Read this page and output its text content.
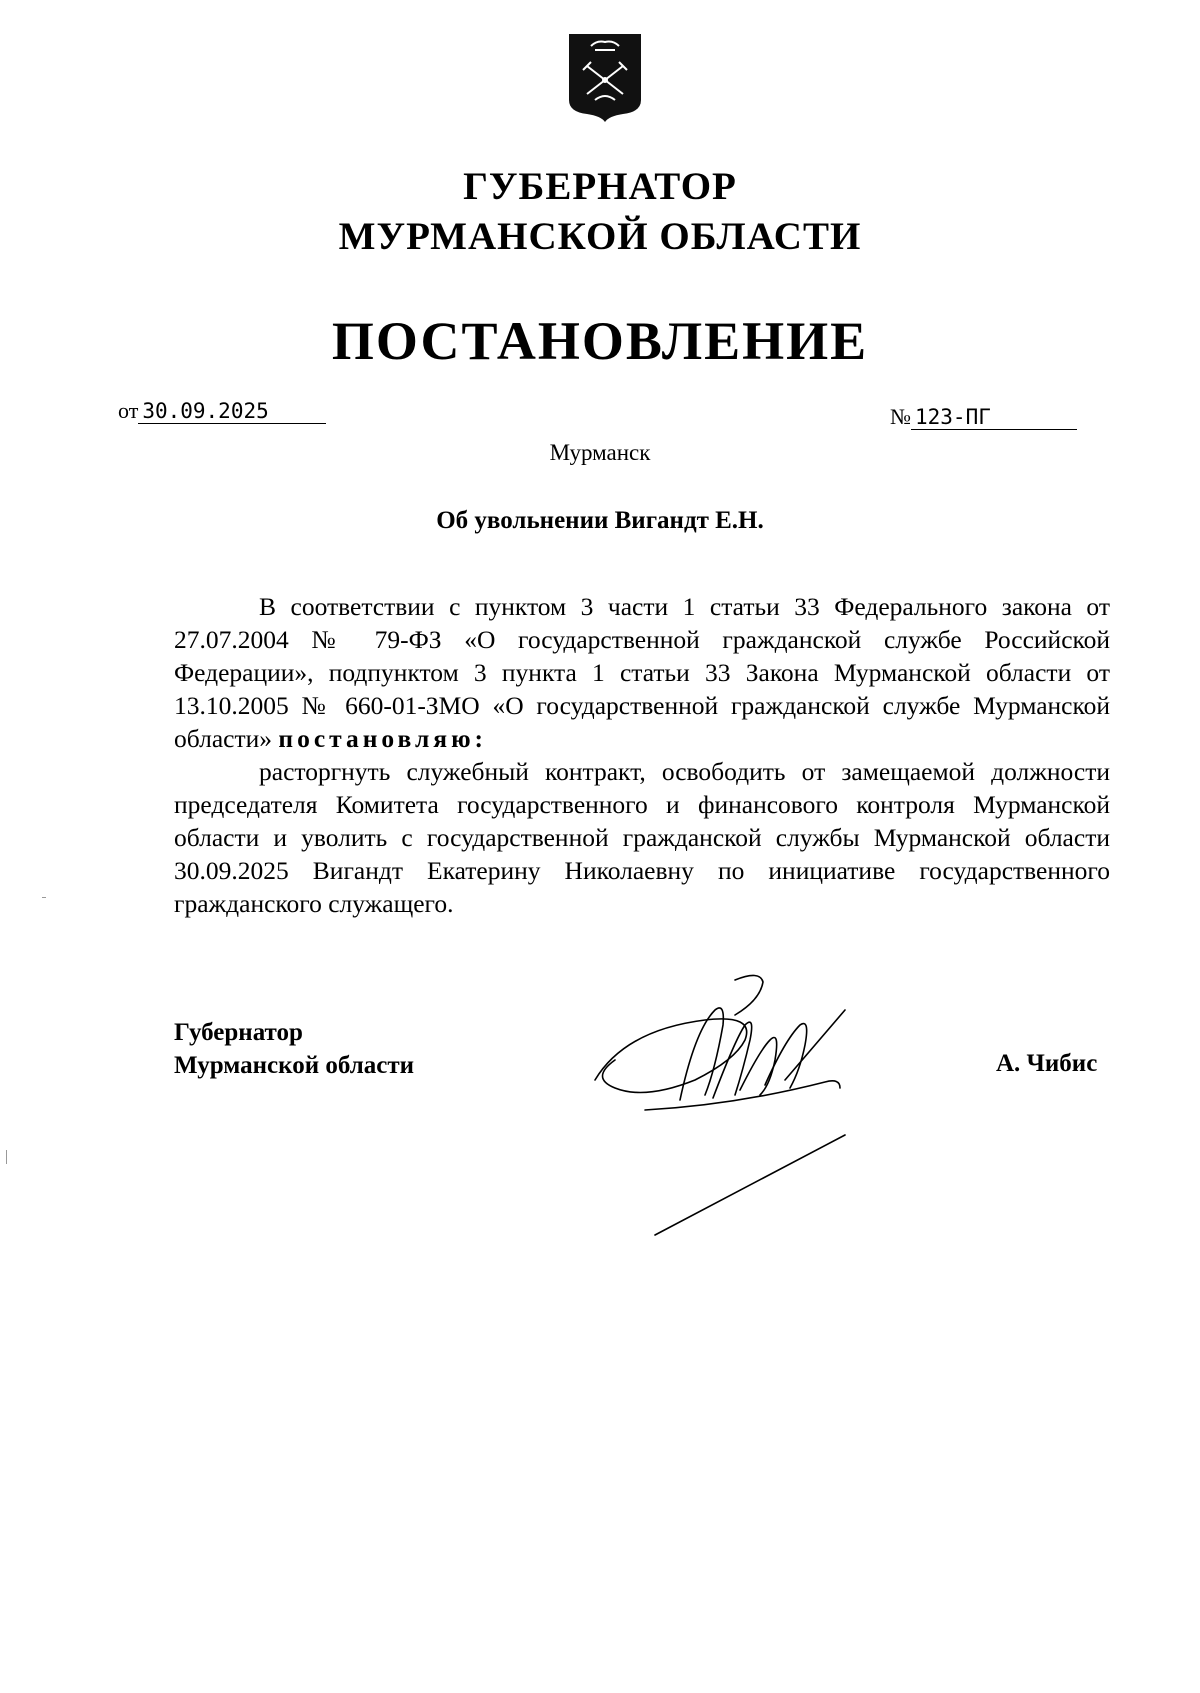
ГУБЕРНАТОР
МУРМАНСКОЙ ОБЛАСТИ
ПОСТАНОВЛЕНИЕ
от 30.09.2025	№ 123-ПГ
Мурманск
Об увольнении Вигандт Е.Н.

В соответствии с пунктом 3 части 1 статьи 33 Федерального закона от 27.07.2004 № 79-ФЗ «О государственной гражданской службе Российской Федерации», подпунктом 3 пункта 1 статьи 33 Закона Мурманской области от 13.10.2005 № 660-01-ЗМО «О государственной гражданской службе Мурманской области» постановляю:

расторгнуть служебный контракт, освободить от замещаемой должности председателя Комитета государственного и финансового контроля Мурманской области и уволить с государственной гражданской службы Мурманской области 30.09.2025 Вигандт Екатерину Николаевну по инициативе государственного гражданского служащего.

Губернатор
Мурманской области	А. Чибис
